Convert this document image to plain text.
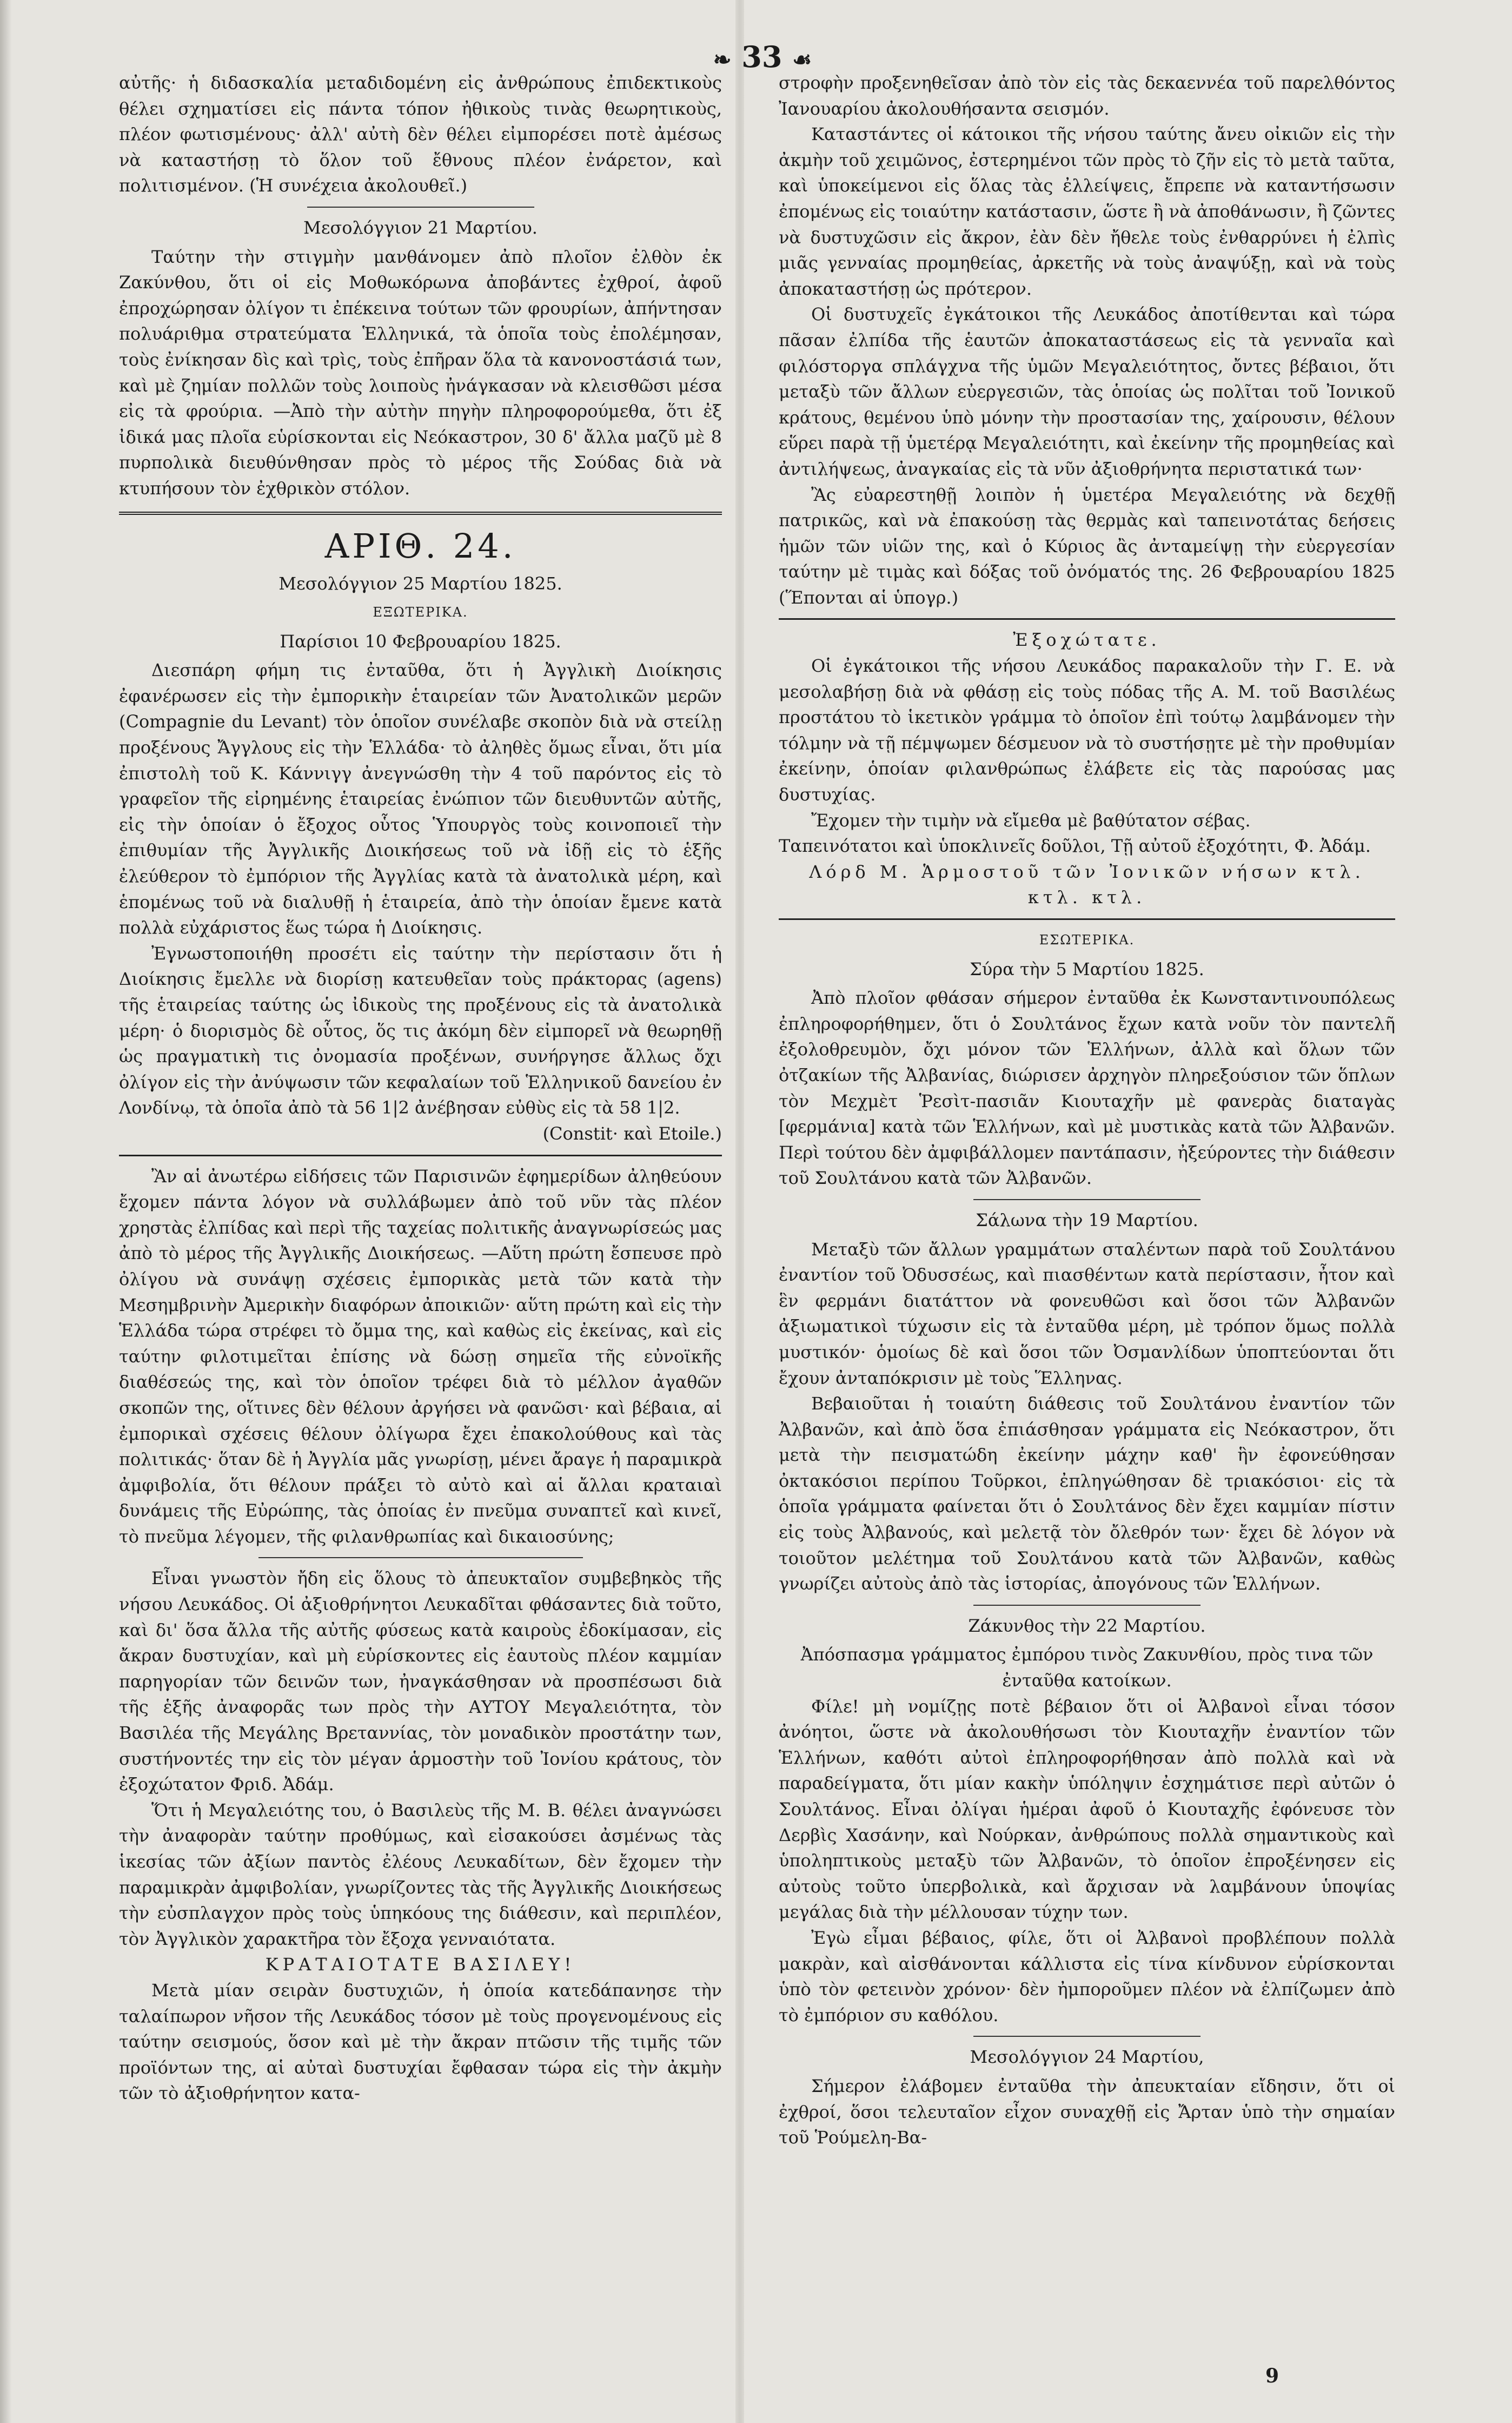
❧ 33 ☙

αὐτῆς· ἡ διδασκαλία μεταδιδομένη εἰς ἀνθρώπους ἐπιδεκτικοὺς θέλει σχηματίσει εἰς πάντα τόπον ἠθικοὺς τινὰς θεωρητικοὺς, πλέον φωτισμένους· ἀλλ' αὐτὴ δὲν θέλει εἰμπορέσει ποτὲ ἀμέσως νὰ καταστήσῃ τὸ ὅλον τοῦ ἔθνους πλέον ἐνάρετον, καὶ πολιτισμένον. (Ἡ συνέχεια ἀκολουθεῖ.)

Μεσολόγγιον 21 Μαρτίου.

Ταύτην τὴν στιγμὴν μανθάνομεν ἀπὸ πλοῖον ἐλθὸν ἐκ Ζακύνθου, ὅτι οἱ εἰς Μοθωκόρωνα ἀποβάντες ἐχθροί, ἀφοῦ ἐπροχώρησαν ὀλίγον τι ἐπέκεινα τούτων τῶν φρουρίων, ἀπήντησαν πολυάριθμα στρατεύματα Ἑλληνικά, τὰ ὁποῖα τοὺς ἐπολέμησαν, τοὺς ἐνίκησαν δὶς καὶ τρὶς, τοὺς ἐπῆραν ὅλα τὰ κανονοστάσιά των, καὶ μὲ ζημίαν πολλῶν τοὺς λοιποὺς ἠνάγκασαν νὰ κλεισθῶσι μέσα εἰς τὰ φρούρια. —Ἀπὸ τὴν αὐτὴν πηγὴν πληροφορούμεθα, ὅτι ἐξ ἰδικά μας πλοῖα εὑρίσκονται εἰς Νεόκαστρον, 30 δ' ἄλλα μαζῦ μὲ 8 πυρπολικὰ διευθύνθησαν πρὸς τὸ μέρος τῆς Σούδας διὰ νὰ κτυπήσουν τὸν ἐχθρικὸν στόλον.

ΑΡΙΘ. 24.

Μεσολόγγιον 25 Μαρτίου 1825.

ΕΞΩΤΕΡΙΚΑ.

Παρίσιοι 10 Φεβρουαρίου 1825.

Διεσπάρη φήμη τις ἐνταῦθα, ὅτι ἡ Ἀγγλικὴ Διοίκησις ἐφανέρωσεν εἰς τὴν ἐμπορικὴν ἑταιρείαν τῶν Ἀνατολικῶν μερῶν (Compagnie du Levant) τὸν ὁποῖον συνέλαβε σκοπὸν διὰ νὰ στείλῃ προξένους Ἄγγλους εἰς τὴν Ἑλλάδα· τὸ ἀληθὲς ὅμως εἶναι, ὅτι μία ἐπιστολὴ τοῦ Κ. Κάννιγγ ἀνεγνώσθη τὴν 4 τοῦ παρόντος εἰς τὸ γραφεῖον τῆς εἰρημένης ἑταιρείας ἐνώπιον τῶν διευθυντῶν αὐτῆς, εἰς τὴν ὁποίαν ὁ ἔξοχος οὗτος Ὑπουργὸς τοὺς κοινοποιεῖ τὴν ἐπιθυμίαν τῆς Ἀγγλικῆς Διοικήσεως τοῦ νὰ ἰδῇ εἰς τὸ ἑξῆς ἐλεύθερον τὸ ἐμπόριον τῆς Ἀγγλίας κατὰ τὰ ἀνατολικὰ μέρη, καὶ ἑπομένως τοῦ νὰ διαλυθῇ ἡ ἑταιρεία, ἀπὸ τὴν ὁποίαν ἔμενε κατὰ πολλὰ εὐχάριστος ἕως τώρα ἡ Διοίκησις.

Ἐγνωστοποιήθη προσέτι εἰς ταύτην τὴν περίστασιν ὅτι ἡ Διοίκησις ἔμελλε νὰ διορίσῃ κατευθεῖαν τοὺς πράκτορας (agens) τῆς ἑταιρείας ταύτης ὡς ἰδικοὺς της προξένους εἰς τὰ ἀνατολικὰ μέρη· ὁ διορισμὸς δὲ οὗτος, ὅς τις ἀκόμη δὲν εἰμπορεῖ νὰ θεωρηθῇ ὡς πραγματικὴ τις ὀνομασία προξένων, συνήργησε ἄλλως ὄχι ὀλίγον εἰς τὴν ἀνύψωσιν τῶν κεφαλαίων τοῦ Ἑλληνικοῦ δανείου ἐν Λονδίνῳ, τὰ ὁποῖα ἀπὸ τὰ 56 1|2 ἀνέβησαν εὐθὺς εἰς τὰ 58 1|2.

(Constit· καὶ Etoile.)

Ἂν αἱ ἀνωτέρω εἰδήσεις τῶν Παρισινῶν ἐφημερίδων ἀληθεύουν ἔχομεν πάντα λόγον νὰ συλλάβωμεν ἀπὸ τοῦ νῦν τὰς πλέον χρηστὰς ἐλπίδας καὶ περὶ τῆς ταχείας πολιτικῆς ἀναγνωρίσεώς μας ἀπὸ τὸ μέρος τῆς Ἀγγλικῆς Διοικήσεως. —Αὕτη πρώτη ἔσπευσε πρὸ ὀλίγου νὰ συνάψῃ σχέσεις ἐμπορικὰς μετὰ τῶν κατὰ τὴν Μεσημβρινὴν Ἀμερικὴν διαφόρων ἀποικιῶν· αὕτη πρώτη καὶ εἰς τὴν Ἑλλάδα τώρα στρέφει τὸ ὄμμα της, καὶ καθὼς εἰς ἐκείνας, καὶ εἰς ταύτην φιλοτιμεῖται ἐπίσης νὰ δώσῃ σημεῖα τῆς εὐνοϊκῆς διαθέσεώς της, καὶ τὸν ὁποῖον τρέφει διὰ τὸ μέλλον ἀγαθῶν σκοπῶν της, οἵτινες δὲν θέλουν ἀργήσει νὰ φανῶσι· καὶ βέβαια, αἱ ἐμπορικαὶ σχέσεις θέλουν ὀλίγωρα ἔχει ἐπακολούθους καὶ τὰς πολιτικάς· ὅταν δὲ ἡ Ἀγγλία μᾶς γνωρίσῃ, μένει ἄραγε ἡ παραμικρὰ ἀμφιβολία, ὅτι θέλουν πράξει τὸ αὐτὸ καὶ αἱ ἄλλαι κραταιαὶ δυνάμεις τῆς Εὐρώπης, τὰς ὁποίας ἐν πνεῦμα συναπτεῖ καὶ κινεῖ, τὸ πνεῦμα λέγομεν, τῆς φιλανθρωπίας καὶ δικαιοσύνης;

Εἶναι γνωστὸν ἤδη εἰς ὅλους τὸ ἀπευκταῖον συμβεβηκὸς τῆς νήσου Λευκάδος. Οἱ ἀξιοθρήνητοι Λευκαδῖται φθάσαντες διὰ τοῦτο, καὶ δι' ὅσα ἄλλα τῆς αὐτῆς φύσεως κατὰ καιροὺς ἐδοκίμασαν, εἰς ἄκραν δυστυχίαν, καὶ μὴ εὑρίσκοντες εἰς ἑαυτοὺς πλέον καμμίαν παρηγορίαν τῶν δεινῶν των, ἠναγκάσθησαν νὰ προσπέσωσι διὰ τῆς ἑξῆς ἀναφορᾶς των πρὸς τὴν ΑΥΤΟΥ Μεγαλειότητα, τὸν Βασιλέα τῆς Μεγάλης Βρεταννίας, τὸν μοναδικὸν προστάτην των, συστήνοντές την εἰς τὸν μέγαν ἁρμοστὴν τοῦ Ἰονίου κράτους, τὸν ἐξοχώτατον Φριδ. Ἀδάμ.

Ὅτι ἡ Μεγαλειότης του, ὁ Βασιλεὺς τῆς Μ. Β. θέλει ἀναγνώσει τὴν ἀναφορὰν ταύτην προθύμως, καὶ εἰσακούσει ἀσμένως τὰς ἱκεσίας τῶν ἀξίων παντὸς ἐλέους Λευκαδίτων, δὲν ἔχομεν τὴν παραμικρὰν ἀμφιβολίαν, γνωρίζοντες τὰς τῆς Ἀγγλικῆς Διοικήσεως τὴν εὐσπλαγχον πρὸς τοὺς ὑπηκόους της διάθεσιν, καὶ περιπλέον, τὸν Ἀγγλικὸν χαρακτῆρα τὸν ἔξοχα γενναιότατα.

ΚΡΑΤΑΙΟΤΑΤΕ ΒΑΣΙΛΕΥ!

Μετὰ μίαν σειρὰν δυστυχιῶν, ἡ ὁποία κατεδάπανησε τὴν ταλαίπωρον νῆσον τῆς Λευκάδος τόσον μὲ τοὺς προγενομένους εἰς ταύτην σεισμούς, ὅσον καὶ μὲ τὴν ἄκραν πτῶσιν τῆς τιμῆς τῶν προϊόντων της, αἱ αὐταὶ δυστυχίαι ἔφθασαν τώρα εἰς τὴν ἀκμὴν τῶν τὸ ἀξιοθρήνητον κατα-

στροφὴν προξενηθεῖσαν ἀπὸ τὸν εἰς τὰς δεκαεννέα τοῦ παρελθόντος Ἰανουαρίου ἀκολουθήσαντα σεισμόν.

Καταστάντες οἱ κάτοικοι τῆς νήσου ταύτης ἄνευ οἰκιῶν εἰς τὴν ἀκμὴν τοῦ χειμῶνος, ἐστερημένοι τῶν πρὸς τὸ ζῆν εἰς τὸ μετὰ ταῦτα, καὶ ὑποκείμενοι εἰς ὅλας τὰς ἐλλείψεις, ἔπρεπε νὰ καταντήσωσιν ἐπομένως εἰς τοιαύτην κατάστασιν, ὥστε ἢ νὰ ἀποθάνωσιν, ἢ ζῶντες νὰ δυστυχῶσιν εἰς ἄκρον, ἐὰν δὲν ἤθελε τοὺς ἐνθαρρύνει ἡ ἐλπὶς μιᾶς γενναίας προμηθείας, ἀρκετῆς νὰ τοὺς ἀναψύξῃ, καὶ νὰ τοὺς ἀποκαταστήσῃ ὡς πρότερον.

Οἱ δυστυχεῖς ἐγκάτοικοι τῆς Λευκάδος ἀποτίθενται καὶ τώρα πᾶσαν ἐλπίδα τῆς ἑαυτῶν ἀποκαταστάσεως εἰς τὰ γενναῖα καὶ φιλόστοργα σπλάγχνα τῆς ὑμῶν Μεγαλειότητος, ὄντες βέβαιοι, ὅτι μεταξὺ τῶν ἄλλων εὐεργεσιῶν, τὰς ὁποίας ὡς πολῖται τοῦ Ἰονικοῦ κράτους, θεμένου ὑπὸ μόνην τὴν προστασίαν της, χαίρουσιν, θέλουν εὕρει παρὰ τῇ ὑμετέρᾳ Μεγαλειότητι, καὶ ἐκείνην τῆς προμηθείας καὶ ἀντιλήψεως, ἀναγκαίας εἰς τὰ νῦν ἀξιοθρήνητα περιστατικά των·

Ἂς εὐαρεστηθῇ λοιπὸν ἡ ὑμετέρα Μεγαλειότης νὰ δεχθῇ πατρικῶς, καὶ νὰ ἐπακούσῃ τὰς θερμὰς καὶ ταπεινοτάτας δεήσεις ἡμῶν τῶν υἱῶν της, καὶ ὁ Κύριος ἂς ἀνταμείψῃ τὴν εὐεργεσίαν ταύτην μὲ τιμὰς καὶ δόξας τοῦ ὀνόματός της. 26 Φεβρουαρίου 1825 (Ἕπονται αἱ ὑπογρ.)

Ἐξοχώτατε.

Οἱ ἐγκάτοικοι τῆς νήσου Λευκάδος παρακαλοῦν τὴν Γ. Ε. νὰ μεσολαβήσῃ διὰ νὰ φθάσῃ εἰς τοὺς πόδας τῆς Α. Μ. τοῦ Βασιλέως προστάτου τὸ ἱκετικὸν γράμμα τὸ ὁποῖον ἐπὶ τούτῳ λαμβάνομεν τὴν τόλμην νὰ τῇ πέμψωμεν δέσμευον νὰ τὸ συστήσῃτε μὲ τὴν προθυμίαν ἐκείνην, ὁποίαν φιλανθρώπως ἐλάβετε εἰς τὰς παρούσας μας δυστυχίας.

Ἔχομεν τὴν τιμὴν νὰ εἴμεθα μὲ βαθύτατον σέβας.

Ταπεινότατοι καὶ ὑποκλινεῖς δοῦλοι, Τῇ αὐτοῦ ἐξοχότητι, Φ. Ἀδάμ.

Λόρδ Μ. Ἁρμοστοῦ τῶν Ἰονικῶν νήσων κτλ. κτλ. κτλ.

ΕΣΩΤΕΡΙΚΑ.

Σύρα τὴν 5 Μαρτίου 1825.

Ἀπὸ πλοῖον φθάσαν σήμερον ἐνταῦθα ἐκ Κωνσταντινουπόλεως ἐπληροφορήθημεν, ὅτι ὁ Σουλτάνος ἔχων κατὰ νοῦν τὸν παντελῆ ἐξολοθρευμὸν, ὄχι μόνον τῶν Ἑλλήνων, ἀλλὰ καὶ ὅλων τῶν ὀτζακίων τῆς Ἀλβανίας, διώρισεν ἀρχηγὸν πληρεξούσιον τῶν ὅπλων τὸν Μεχμὲτ Ῥεσὶτ-πασιᾶν Κιουταχῆν μὲ φανερὰς διαταγὰς [φερμάνια] κατὰ τῶν Ἑλλήνων, καὶ μὲ μυστικὰς κατὰ τῶν Ἀλβανῶν. Περὶ τούτου δὲν ἀμφιβάλλομεν παντάπασιν, ἠξεύροντες τὴν διάθεσιν τοῦ Σουλτάνου κατὰ τῶν Ἀλβανῶν.

Σάλωνα τὴν 19 Μαρτίου.

Μεταξὺ τῶν ἄλλων γραμμάτων σταλέντων παρὰ τοῦ Σουλτάνου ἐναντίον τοῦ Ὀδυσσέως, καὶ πιασθέντων κατὰ περίστασιν, ἦτον καὶ ἓν φερμάνι διατάττον νὰ φονευθῶσι καὶ ὅσοι τῶν Ἀλβανῶν ἀξιωματικοὶ τύχωσιν εἰς τὰ ἐνταῦθα μέρη, μὲ τρόπον ὅμως πολλὰ μυστικόν· ὁμοίως δὲ καὶ ὅσοι τῶν Ὀσμανλίδων ὑποπτεύονται ὅτι ἔχουν ἀνταπόκρισιν μὲ τοὺς Ἕλληνας.

Βεβαιοῦται ἡ τοιαύτη διάθεσις τοῦ Σουλτάνου ἐναντίον τῶν Ἀλβανῶν, καὶ ἀπὸ ὅσα ἐπιάσθησαν γράμματα εἰς Νεόκαστρον, ὅτι μετὰ τὴν πεισματώδη ἐκείνην μάχην καθ' ἣν ἐφονεύθησαν ὀκτακόσιοι περίπου Τοῦρκοι, ἐπληγώθησαν δὲ τριακόσιοι· εἰς τὰ ὁποῖα γράμματα φαίνεται ὅτι ὁ Σουλτάνος δὲν ἔχει καμμίαν πίστιν εἰς τοὺς Ἀλβανούς, καὶ μελετᾷ τὸν ὄλεθρόν των· ἔχει δὲ λόγον νὰ τοιοῦτον μελέτημα τοῦ Σουλτάνου κατὰ τῶν Ἀλβανῶν, καθὼς γνωρίζει αὐτοὺς ἀπὸ τὰς ἱστορίας, ἀπογόνους τῶν Ἑλλήνων.

Ζάκυνθος τὴν 22 Μαρτίου.

Ἀπόσπασμα γράμματος ἐμπόρου τινὸς Ζακυνθίου, πρὸς τινα τῶν ἐνταῦθα κατοίκων.

Φίλε! μὴ νομίζῃς ποτὲ βέβαιον ὅτι οἱ Ἀλβανοὶ εἶναι τόσον ἀνόητοι, ὥστε νὰ ἀκολουθήσωσι τὸν Κιουταχῆν ἐναντίον τῶν Ἑλλήνων, καθότι αὐτοὶ ἐπληροφορήθησαν ἀπὸ πολλὰ καὶ νὰ παραδείγματα, ὅτι μίαν κακὴν ὑπόληψιν ἐσχημάτισε περὶ αὐτῶν ὁ Σουλτάνος. Εἶναι ὀλίγαι ἡμέραι ἀφοῦ ὁ Κιουταχῆς ἐφόνευσε τὸν Δερβὶς Χασάνην, καὶ Νούρκαν, ἀνθρώπους πολλὰ σημαντικοὺς καὶ ὑποληπτικοὺς μεταξὺ τῶν Ἀλβανῶν, τὸ ὁποῖον ἐπροξένησεν εἰς αὐτοὺς τοῦτο ὑπερβολικὰ, καὶ ἄρχισαν νὰ λαμβάνουν ὑποψίας μεγάλας διὰ τὴν μέλλουσαν τύχην των.

Ἐγὼ εἶμαι βέβαιος, φίλε, ὅτι οἱ Ἀλβανοὶ προβλέπουν πολλὰ μακρὰν, καὶ αἰσθάνονται κάλλιστα εἰς τίνα κίνδυνον εὑρίσκονται ὑπὸ τὸν φετεινὸν χρόνον· δὲν ἠμποροῦμεν πλέον νὰ ἐλπίζωμεν ἀπὸ τὸ ἐμπόριον συ καθόλου.

Μεσολόγγιον 24 Μαρτίου,

Σήμερον ἐλάβομεν ἐνταῦθα τὴν ἀπευκταίαν εἴδησιν, ὅτι οἱ ἐχθροί, ὅσοι τελευταῖον εἶχον συναχθῇ εἰς Ἄρταν ὑπὸ τὴν σημαίαν τοῦ Ῥούμελη-Βα-

9
